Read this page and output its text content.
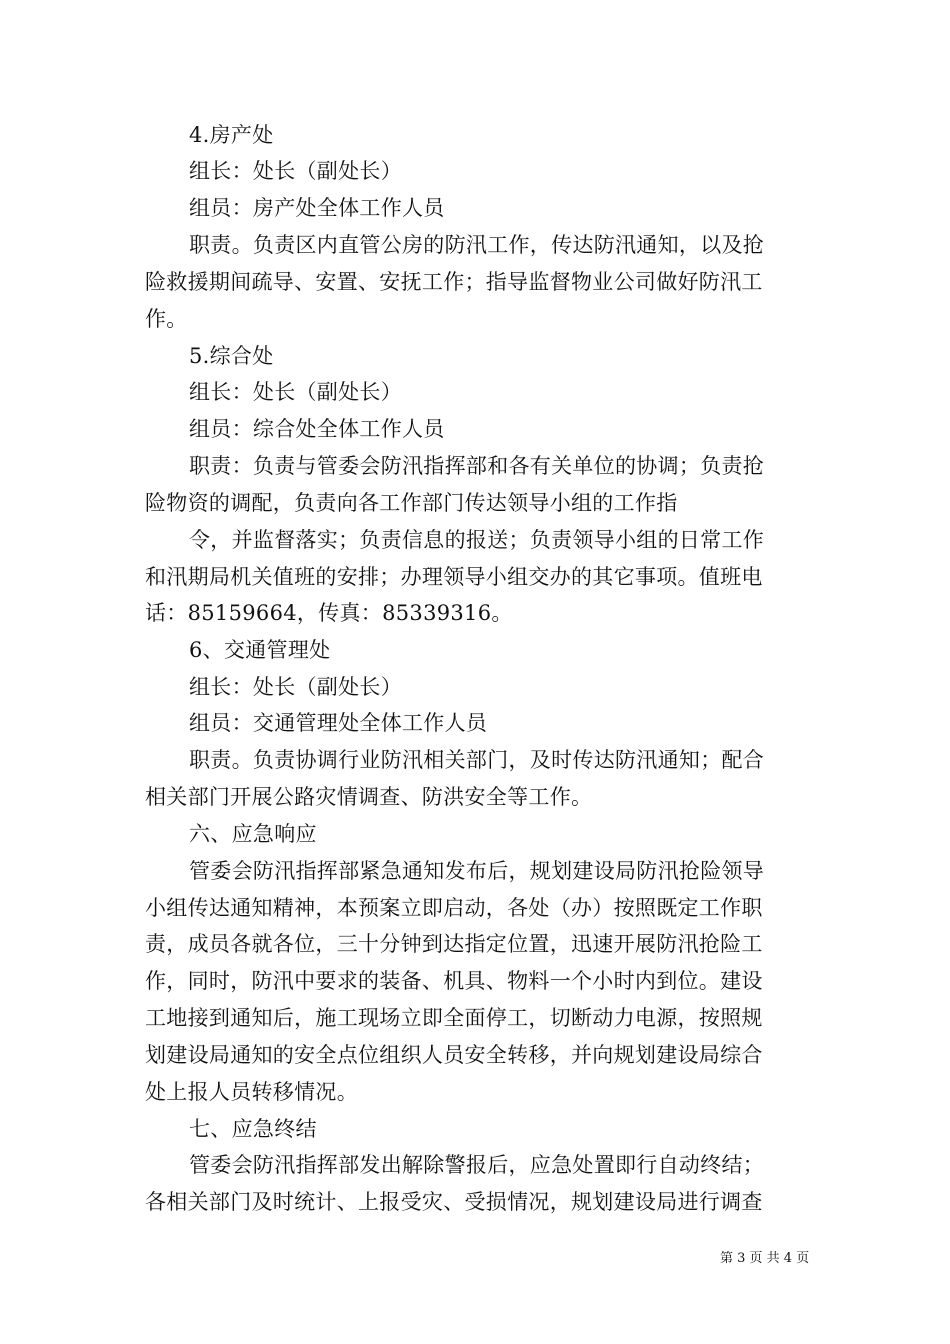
4.房产处
组长：处长（副处长）
组员：房产处全体工作人员
职责。负责区内直管公房的防汛工作，传达防汛通知，以及抢
险救援期间疏导、安置、安抚工作；指导监督物业公司做好防汛工
作。
5.综合处
组长：处长（副处长）
组员：综合处全体工作人员
职责：负责与管委会防汛指挥部和各有关单位的协调；负责抢
险物资的调配，负责向各工作部门传达领导小组的工作指
令，并监督落实；负责信息的报送；负责领导小组的日常工作
和汛期局机关值班的安排；办理领导小组交办的其它事项。值班电
话：85159664，传真：85339316。
6、交通管理处
组长：处长（副处长）
组员：交通管理处全体工作人员
职责。负责协调行业防汛相关部门，及时传达防汛通知；配合
相关部门开展公路灾情调查、防洪安全等工作。
六、应急响应
管委会防汛指挥部紧急通知发布后，规划建设局防汛抢险领导
小组传达通知精神，本预案立即启动，各处（办）按照既定工作职
责，成员各就各位，三十分钟到达指定位置，迅速开展防汛抢险工
作，同时，防汛中要求的装备、机具、物料一个小时内到位。建设
工地接到通知后，施工现场立即全面停工，切断动力电源，按照规
划建设局通知的安全点位组织人员安全转移，并向规划建设局综合
处上报人员转移情况。
七、应急终结
管委会防汛指挥部发出解除警报后，应急处置即行自动终结；
各相关部门及时统计、上报受灾、受损情况，规划建设局进行调查
第 3 页 共 4 页
